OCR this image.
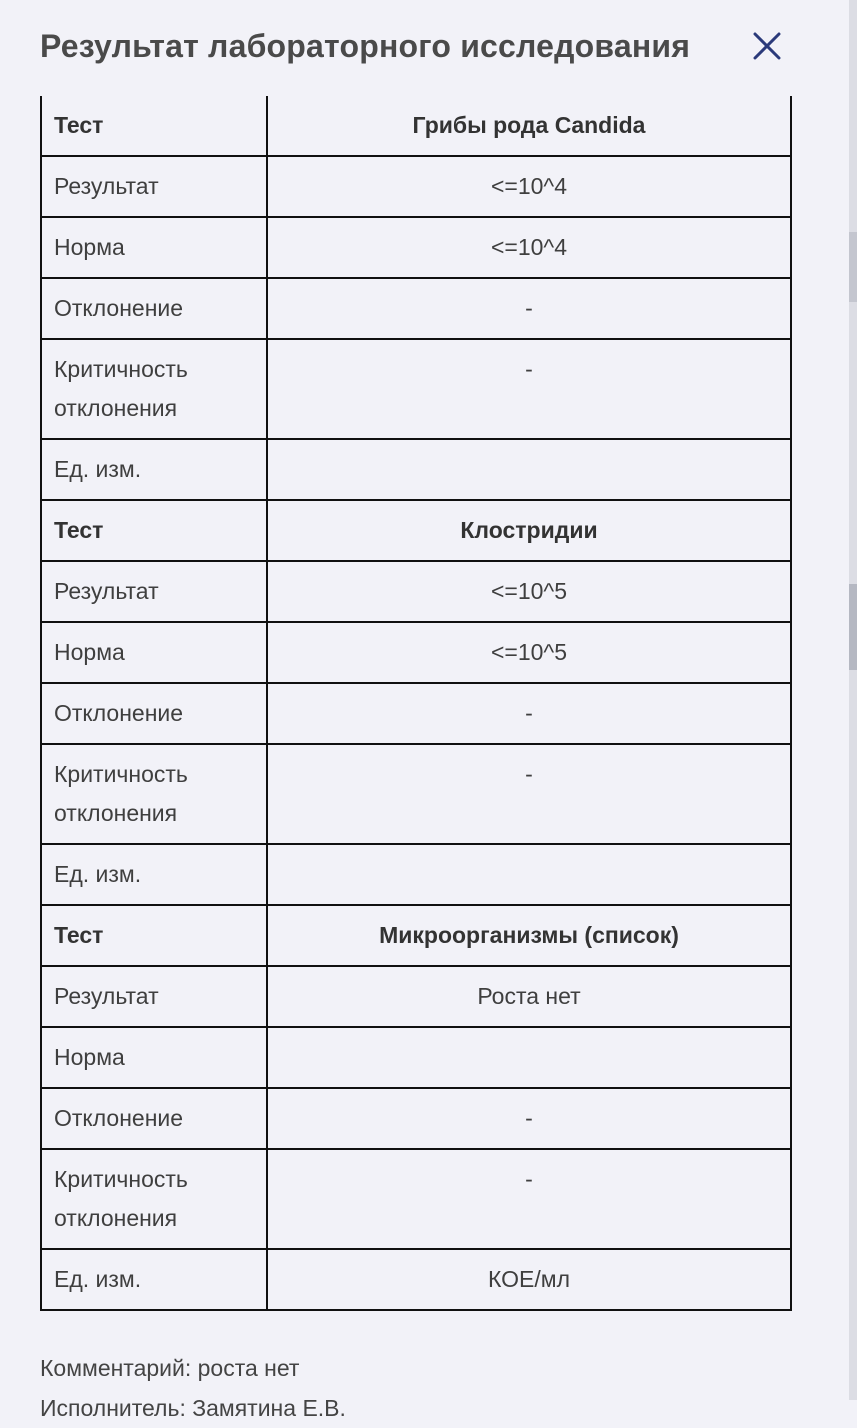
Результат лабораторного исследования
Тест	Грибы рода Candida
Результат	<=10^4
Норма	<=10^4
Отклонение	-
Критичность отклонения	-
Ед. изм.	
Тест	Клостридии
Результат	<=10^5
Норма	<=10^5
Отклонение	-
Критичность отклонения	-
Ед. изм.	
Тест	Микроорганизмы (список)
Результат	Роста нет
Норма	
Отклонение	-
Критичность отклонения	-
Ед. изм.	КОЕ/мл
Комментарий: роста нет
Исполнитель: Замятина Е.В.
